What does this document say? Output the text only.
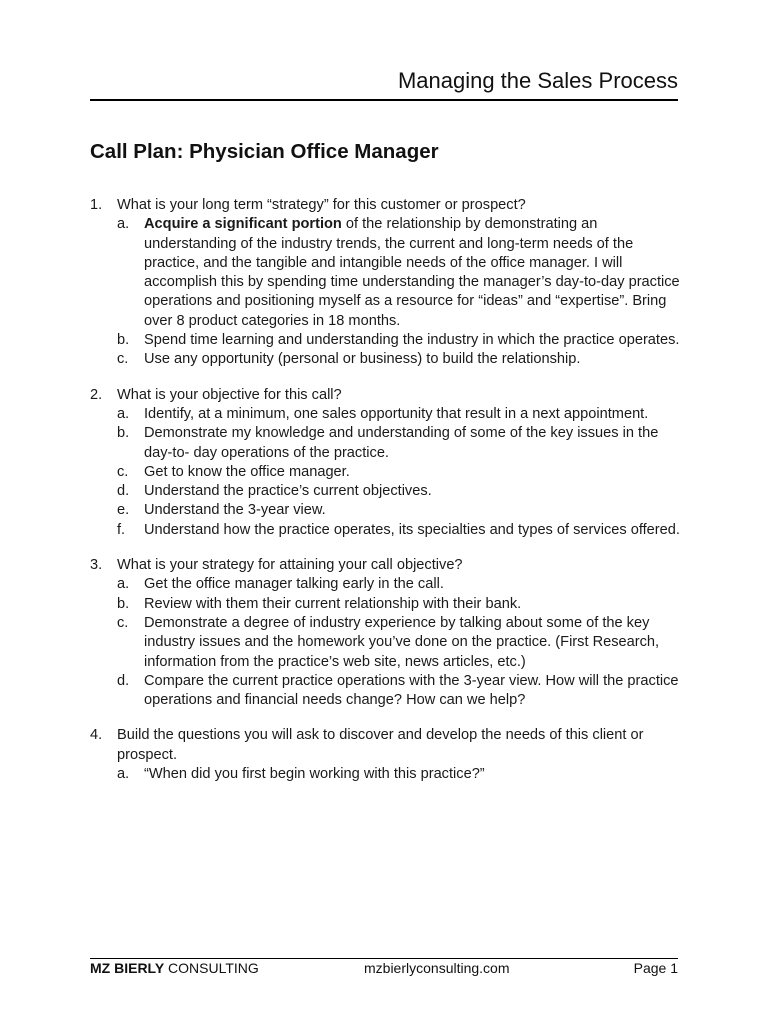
Managing the Sales Process
Call Plan: Physician Office Manager
1. What is your long term “strategy” for this customer or prospect?
a. Acquire a significant portion of the relationship by demonstrating an understanding of the industry trends, the current and long-term needs of the practice, and the tangible and intangible needs of the office manager. I will accomplish this by spending time understanding the manager’s day-to-day practice operations and positioning myself as a resource for “ideas” and “expertise”. Bring over 8 product categories in 18 months.
b. Spend time learning and understanding the industry in which the practice operates.
c. Use any opportunity (personal or business) to build the relationship.
2. What is your objective for this call?
a. Identify, at a minimum, one sales opportunity that result in a next appointment.
b. Demonstrate my knowledge and understanding of some of the key issues in the day-to- day operations of the practice.
c. Get to know the office manager.
d. Understand the practice’s current objectives.
e. Understand the 3-year view.
f. Understand how the practice operates, its specialties and types of services offered.
3. What is your strategy for attaining your call objective?
a. Get the office manager talking early in the call.
b. Review with them their current relationship with their bank.
c. Demonstrate a degree of industry experience by talking about some of the key industry issues and the homework you’ve done on the practice. (First Research, information from the practice’s web site, news articles, etc.)
d. Compare the current practice operations with the 3-year view. How will the practice operations and financial needs change? How can we help?
4. Build the questions you will ask to discover and develop the needs of this client or prospect.
a. “When did you first begin working with this practice?”
MZ BIERLY CONSULTING	mzbierlyconsulting.com	Page 1
